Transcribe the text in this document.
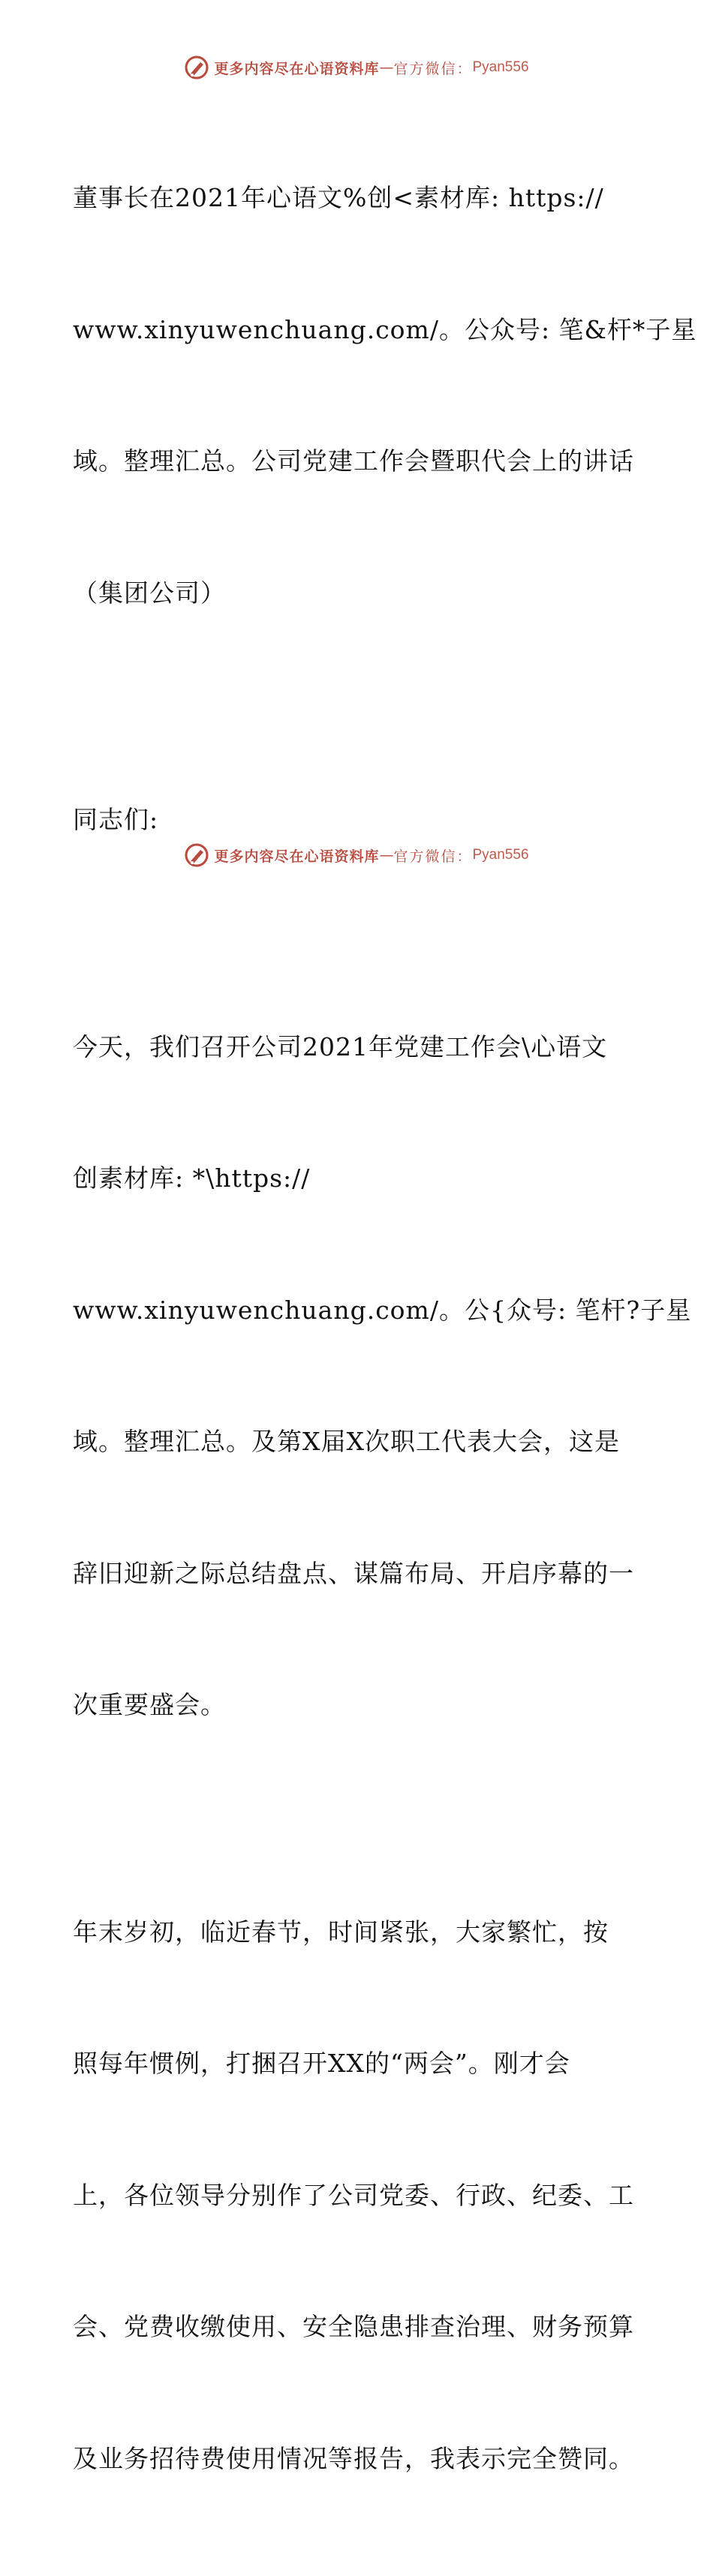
更多内容尽在心语资料库 — 官方微信： Pyan556

董事长在2021年心语文%创<素材库: https://

www.xinyuwenchuang.com/。公众号: 笔&杆*子星

域。整理汇总。公司党建工作会暨职代会上的讲话

（集团公司）

同志们:

今天，我们召开公司2021年党建工作会\心语文

创素材库: *\https://

www.xinyuwenchuang.com/。公{众号: 笔杆?子星

域。整理汇总。及第X届X次职工代表大会，这是

辞旧迎新之际总结盘点、谋篇布局、开启序幕的一

次重要盛会。

年末岁初，临近春节，时间紧张，大家繁忙，按

照每年惯例，打捆召开XX的“两会”。刚才会

上，各位领导分别作了公司党委、行政、纪委、工

会、党费收缴使用、安全隐患排查治理、财务预算

及业务招待费使用情况等报告，我表示完全赞同。

更多内容尽在心语资料库 — 官方微信： Pyan556
